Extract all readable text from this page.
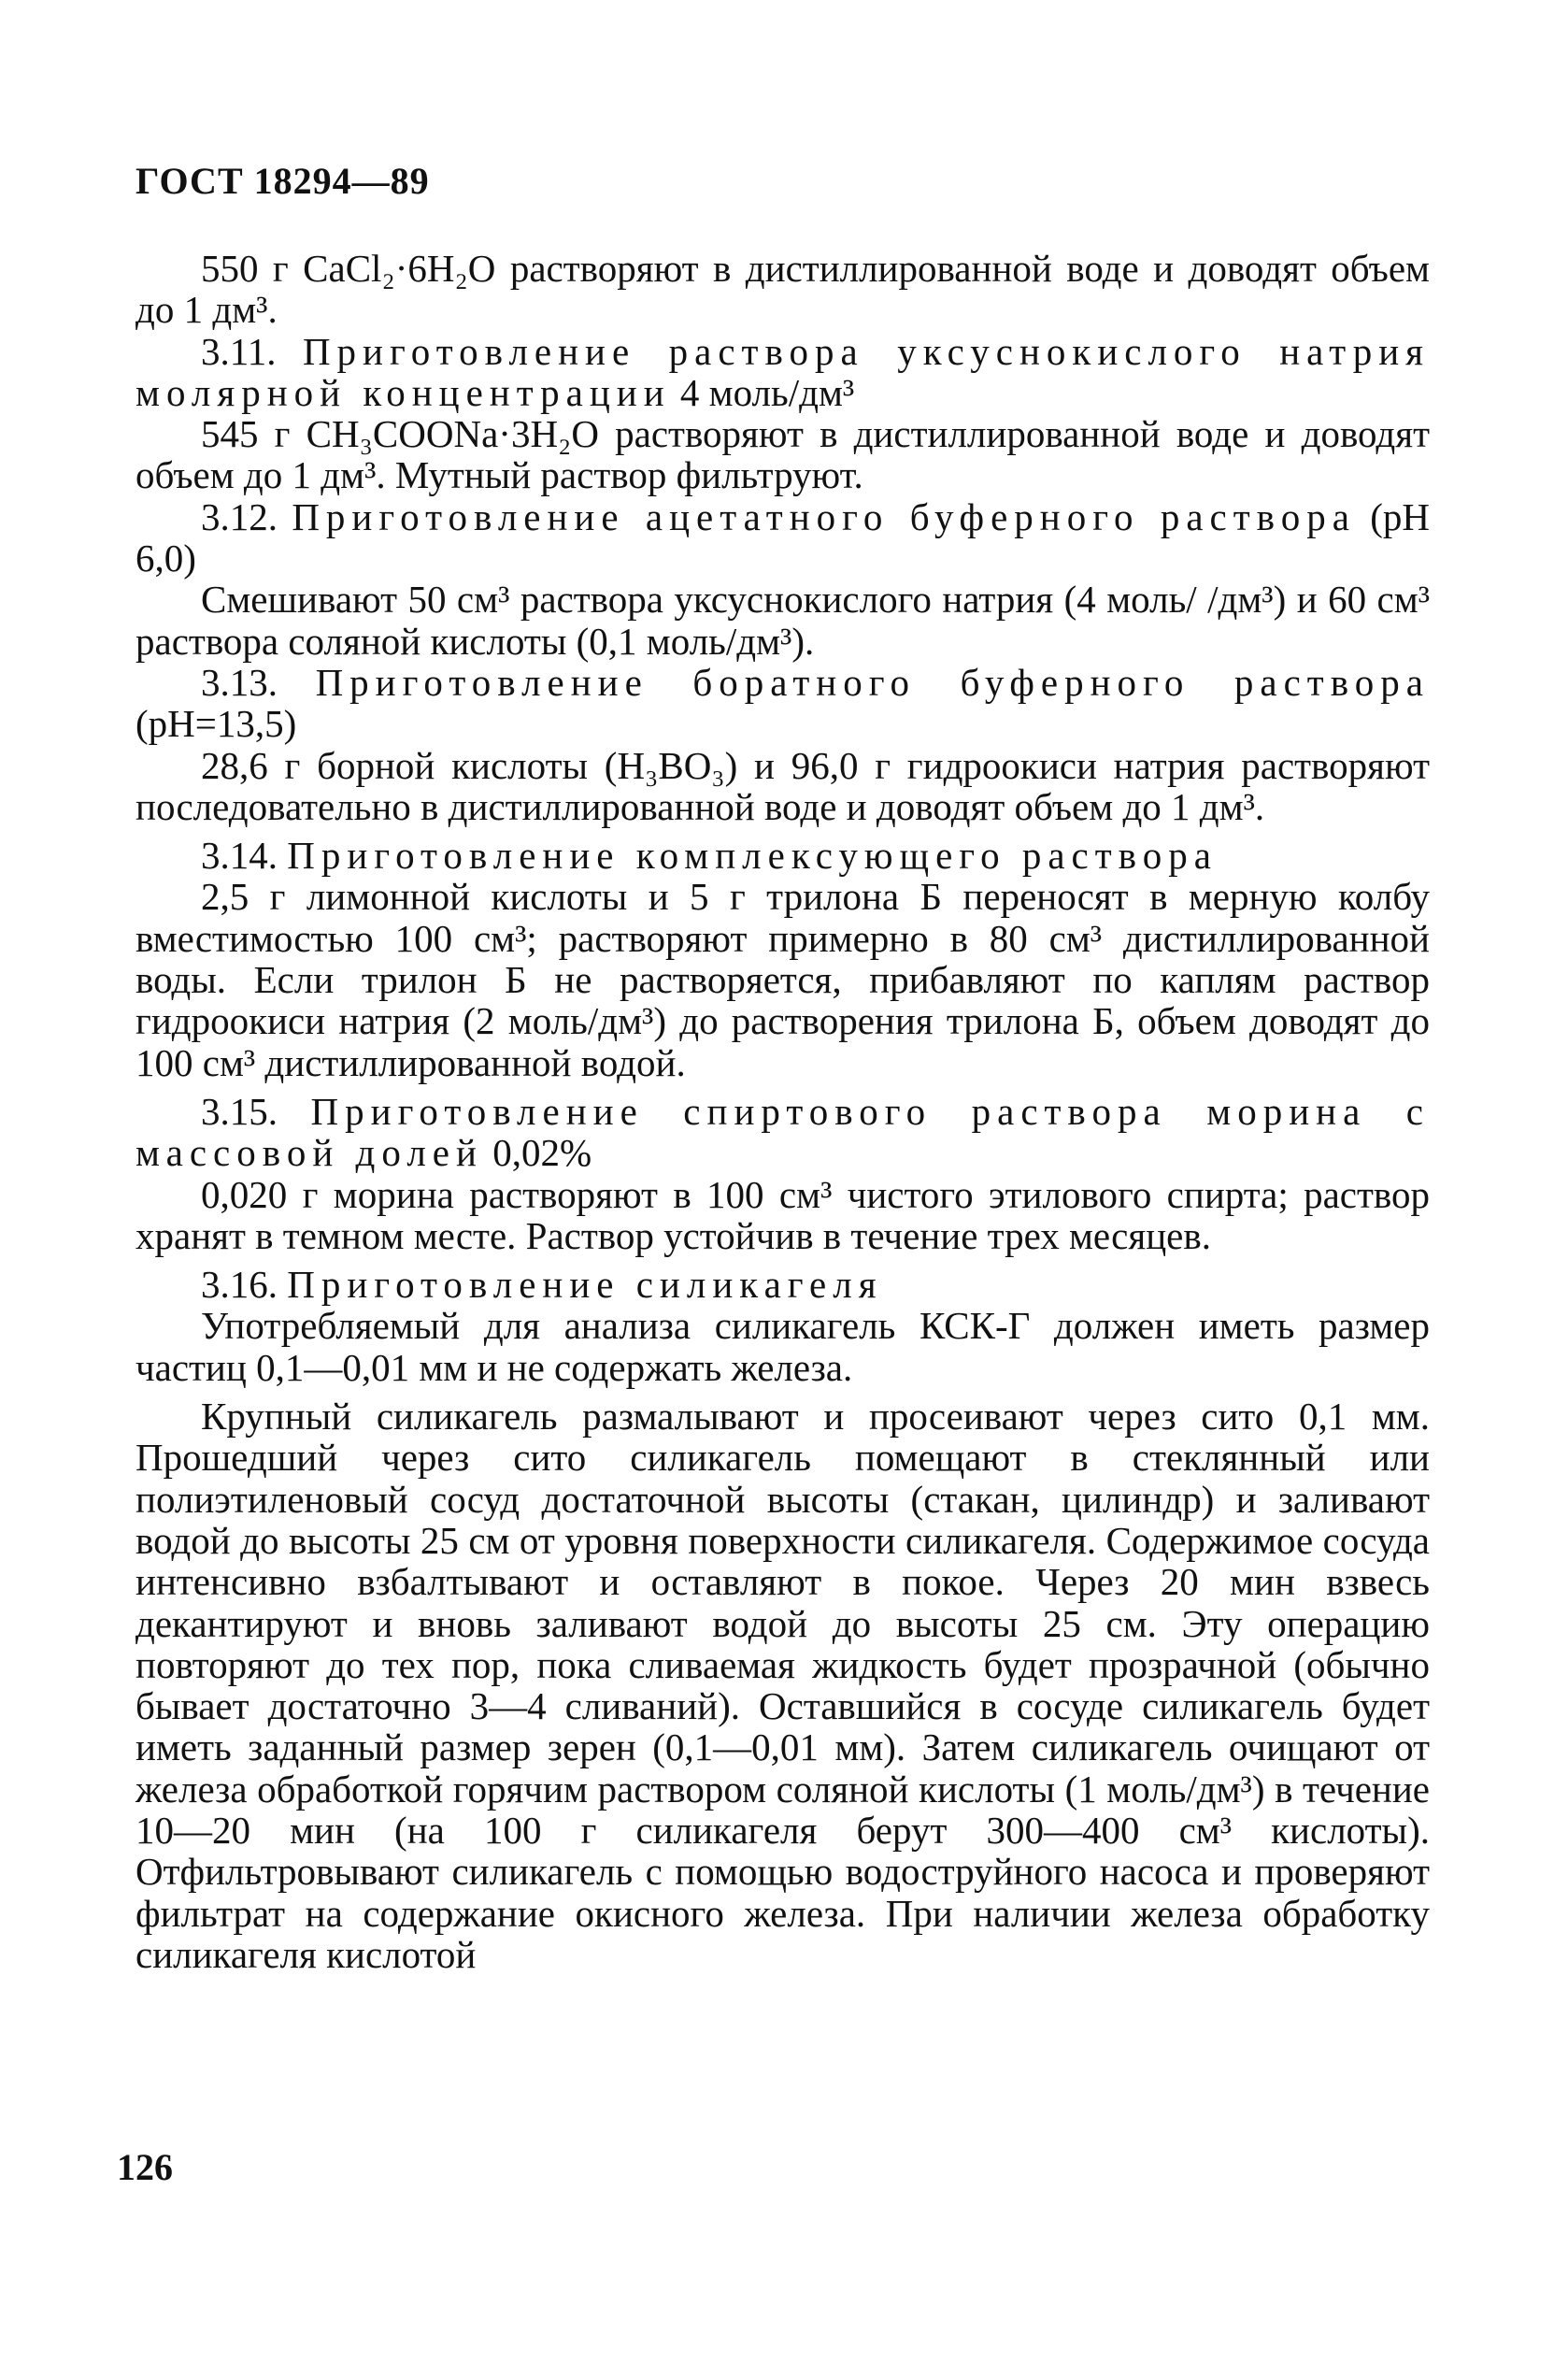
ГОСТ 18294—89

550 г CaCl₂·6H₂O растворяют в дистиллированной воде и доводят объем до 1 дм³.

3.11. Приготовление раствора уксуснокислого натрия молярной концентрации 4 моль/дм³

545 г CH₃COONa·3H₂O растворяют в дистиллированной воде и доводят объем до 1 дм³. Мутный раствор фильтруют.

3.12. Приготовление ацетатного буферного раствора (pH 6,0)

Смешивают 50 см³ раствора уксуснокислого натрия (4 моль/ /дм³) и 60 см³ раствора соляной кислоты (0,1 моль/дм³).

3.13. Приготовление боратного буферного раствора (pH=13,5)

28,6 г борной кислоты (H₃BO₃) и 96,0 г гидроокиси натрия растворяют последовательно в дистиллированной воде и доводят объем до 1 дм³.

3.14. Приготовление комплексующего раствора

2,5 г лимонной кислоты и 5 г трилона Б переносят в мерную колбу вместимостью 100 см³; растворяют примерно в 80 см³ дистиллированной воды. Если трилон Б не растворяется, прибавляют по каплям раствор гидроокиси натрия (2 моль/дм³) до растворения трилона Б, объем доводят до 100 см³ дистиллированной водой.

3.15. Приготовление спиртового раствора морина с массовой долей 0,02%

0,020 г морина растворяют в 100 см³ чистого этилового спирта; раствор хранят в темном месте. Раствор устойчив в течение трех месяцев.

3.16. Приготовление силикагеля

Употребляемый для анализа силикагель КСК-Г должен иметь размер частиц 0,1—0,01 мм и не содержать железа.

Крупный силикагель размалывают и просеивают через сито 0,1 мм. Прошедший через сито силикагель помещают в стеклянный или полиэтиленовый сосуд достаточной высоты (стакан, цилиндр) и заливают водой до высоты 25 см от уровня поверхности силикагеля. Содержимое сосуда интенсивно взбалтывают и оставляют в покое. Через 20 мин взвесь декантируют и вновь заливают водой до высоты 25 см. Эту операцию повторяют до тех пор, пока сливаемая жидкость будет прозрачной (обычно бывает достаточно 3—4 сливаний). Оставшийся в сосуде силикагель будет иметь заданный размер зерен (0,1—0,01 мм). Затем силикагель очищают от железа обработкой горячим раствором соляной кислоты (1 моль/дм³) в течение 10—20 мин (на 100 г силикагеля берут 300—400 см³ кислоты). Отфильтровывают силикагель с помощью водоструйного насоса и проверяют фильтрат на содержание окисного железа. При наличии железа обработку силикагеля кислотой

126
